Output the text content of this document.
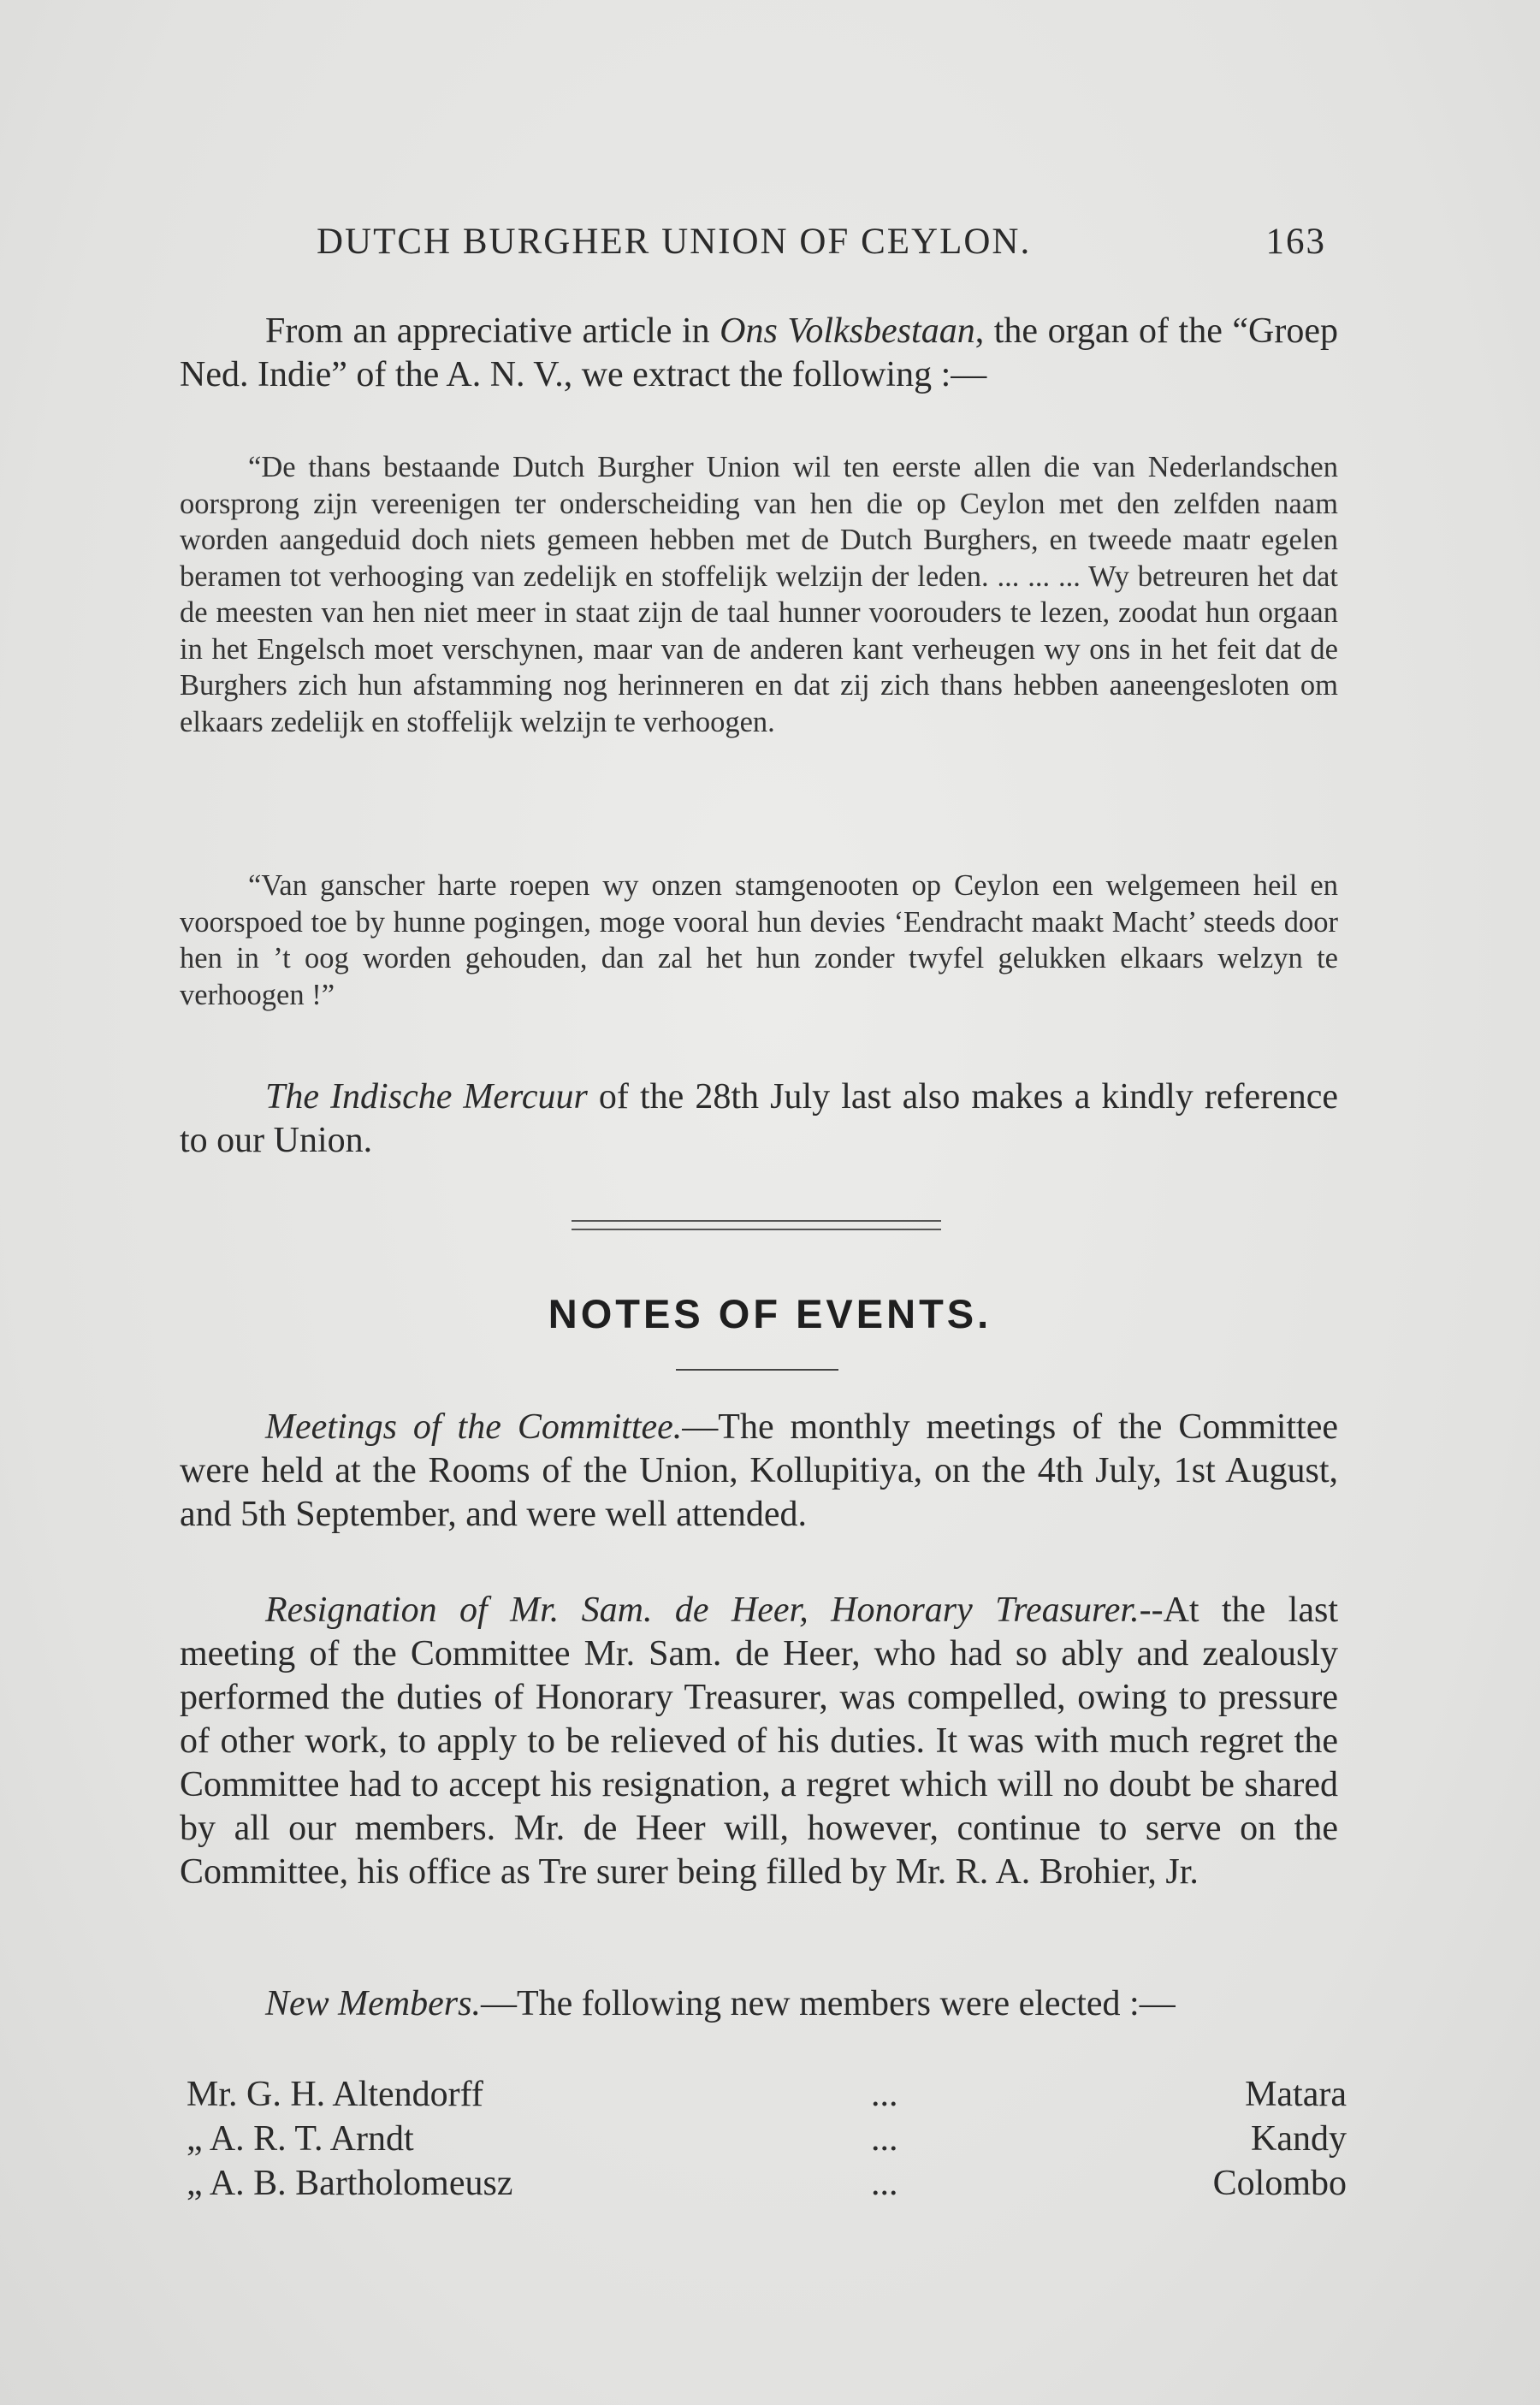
DUTCH BURGHER UNION OF CEYLON.	163
From an appreciative article in Ons Volksbestaan, the organ of the “Groep Ned. Indie” of the A. N. V., we extract the following :—
“De thans bestaande Dutch Burgher Union wil ten eerste allen die van Nederlandschen oorsprong zijn vereenigen ter onderscheiding van hen die op Ceylon met den zelfden naam worden aangeduid doch niets gemeen hebben met de Dutch Burghers, en tweede maatr egelen beramen tot verhooging van zedelijk en stoffelijk welzijn der leden. ... ... ... Wy betreuren het dat de meesten van hen niet meer in staat zijn de taal hunner voorouders te lezen, zoodat hun orgaan in het Engelsch moet verschynen, maar van de anderen kant verheugen wy ons in het feit dat de Burghers zich hun afstamming nog herinneren en dat zij zich thans hebben aaneengesloten om elkaars zedelijk en stoffelijk welzijn te verhoogen.
“Van ganscher harte roepen wy onzen stamgenooten op Ceylon een welgemeen heil en voorspoed toe by hunne pogingen, moge vooral hun devies ‘Eendracht maakt Macht’ steeds door hen in ’t oog worden gehouden, dan zal het hun zonder twyfel gelukken elkaars welzyn te verhoogen !”
The Indische Mercuur of the 28th July last also makes a kindly reference to our Union.
NOTES OF EVENTS.
Meetings of the Committee.—The monthly meetings of the Committee were held at the Rooms of the Union, Kollupitiya, on the 4th July, 1st August, and 5th September, and were well attended.
Resignation of Mr. Sam. de Heer, Honorary Treasurer.--At the last meeting of the Committee Mr. Sam. de Heer, who had so ably and zealously performed the duties of Honorary Treasurer, was compelled, owing to pressure of other work, to apply to be relieved of his duties. It was with much regret the Committee had to accept his resignation, a regret which will no doubt be shared by all our members. Mr. de Heer will, however, continue to serve on the Committee, his office as Tre surer being filled by Mr. R. A. Brohier, Jr.
New Members.—The following new members were elected :—
Mr. G. H. Altendorff	...	Matara
„ A. R. T. Arndt	...	Kandy
„ A. B. Bartholomeusz	...	Colombo
